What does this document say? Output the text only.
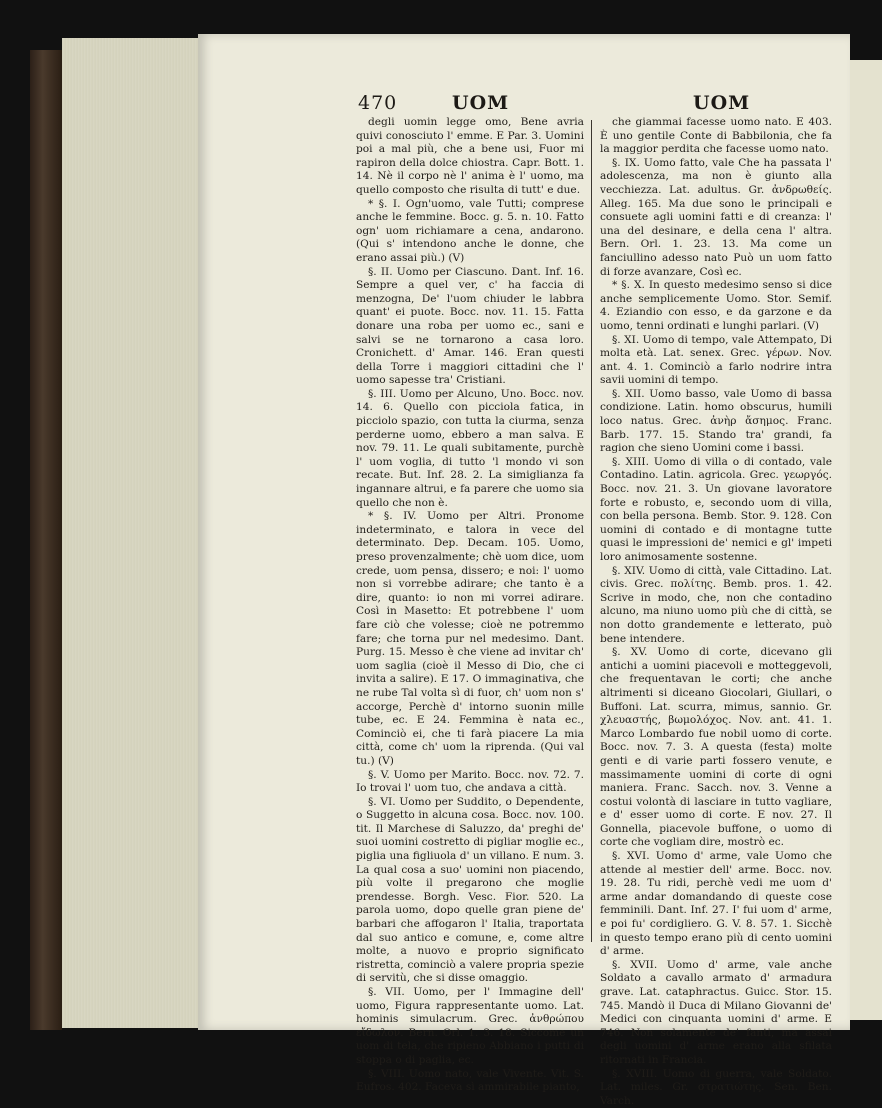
470	UOM	UOM

degli uomin legge omo, Bene avria quivi conosciuto l' emme. E Par. 3. Uomini poi a mal più, che a bene usi, Fuor mi rapiron della dolce chiostra. Capr. Bott. 1. 14. Nè il corpo nè l' anima è l' uomo, ma quello composto che risulta di tutt' e due.

* §. I. Ogn'uomo, vale Tutti; comprese anche le femmine. Bocc. g. 5. n. 10. Fatto ogn' uom richiamare a cena, andarono. (Qui s' intendono anche le donne, che erano assai più.) (V)

§. II. Uomo per Ciascuno. Dant. Inf. 16. Sempre a quel ver, c' ha faccia di menzogna, De' l'uom chiuder le labbra quant' ei puote. Bocc. nov. 11. 15. Fatta donare una roba per uomo ec., sani e salvi se ne tornarono a casa loro. Cronichett. d' Amar. 146. Eran questi della Torre i maggiori cittadini che l' uomo sapesse tra' Cristiani.

§. III. Uomo per Alcuno, Uno. Bocc. nov. 14. 6. Quello con picciola fatica, in picciolo spazio, con tutta la ciurma, senza perderne uomo, ebbero a man salva. E nov. 79. 11. Le quali subitamente, purchè l' uom voglia, di tutto 'l mondo vi son recate. But. Inf. 28. 2. La simiglianza fa ingannare altrui, e fa parere che uomo sia quello che non è.

* §. IV. Uomo per Altri. Pronome indeterminato, e talora in vece del determinato. Dep. Decam. 105. Uomo, preso provenzalmente; chè uom dice, uom crede, uom pensa, dissero; e noi: l' uomo non si vorrebbe adirare; che tanto è a dire, quanto: io non mi vorrei adirare. Così in Masetto: Et potrebbene l' uom fare ciò che volesse; cioè ne potremmo fare; che torna pur nel medesimo. Dant. Purg. 15. Messo è che viene ad invitar ch' uom saglia (cioè il Messo di Dio, che ci invita a salire). E 17. O immaginativa, che ne rube Tal volta sì di fuor, ch' uom non s' accorge, Perchè d' intorno suonin mille tube, ec. E 24. Femmina è nata ec., Cominciò ei, che ti farà piacere La mia città, come ch' uom la riprenda. (Qui val tu.) (V)

§. V. Uomo per Marito. Bocc. nov. 72. 7. Io trovai l' uom tuo, che andava a città.

§. VI. Uomo per Suddito, o Dependente, o Suggetto in alcuna cosa. Bocc. nov. 100. tit. Il Marchese di Saluzzo, da' preghi de' suoi uomini costretto di pigliar moglie ec., piglia una figliuola d' un villano. E num. 3. La qual cosa a suo' uomini non piacendo, più volte il pregarono che moglie prendesse. Borgh. Vesc. Fior. 520. La parola uomo, dopo quelle gran piene de' barbari che affogaron l' Italia, traportata dal suo antico e comune, e, come altre molte, a nuovo e proprio significato ristretta, cominciò a valere propria spezie di servitù, che si disse omaggio.

§. VII. Uomo, per l' Immagine dell' uomo, Figura rappresentante uomo. Lat. hominis simulacrum. Grec. ἀνθρώπου εἴδωλον. Bern. Orl. 1. 3. 18. Siccome un uom di tela, che ripieno Abbiano i putti di stoppa o di paglia, ec.

§. VIII. Uomo nato, vale Vivente. Vit. S. Eufros. 402. Faceva sì ammirabile pianto,

che giammai facesse uomo nato. E 403. È uno gentile Conte di Babbilonia, che fa la maggior perdita che facesse uomo nato.

§. IX. Uomo fatto, vale Che ha passata l' adolescenza, ma non è giunto alla vecchiezza. Lat. adultus. Gr. ἀνδρωθείς. Alleg. 165. Ma due sono le principali e consuete agli uomini fatti e di creanza: l' una del desinare, e della cena l' altra. Bern. Orl. 1. 23. 13. Ma come un fanciullino adesso nato Può un uom fatto di forze avanzare, Così ec.

* §. X. In questo medesimo senso si dice anche semplicemente Uomo. Stor. Semif. 4. Eziandio con esso, e da garzone e da uomo, tenni ordinati e lunghi parlari. (V)

§. XI. Uomo di tempo, vale Attempato, Di molta età. Lat. senex. Grec. γέρων. Nov. ant. 4. 1. Cominciò a farlo nodrire intra savii uomini di tempo.

§. XII. Uomo basso, vale Uomo di bassa condizione. Latin. homo obscurus, humili loco natus. Grec. ἀνὴρ ἄσημος. Franc. Barb. 177. 15. Stando tra' grandi, fa ragion che sieno Uomini come i bassi.

§. XIII. Uomo di villa o di contado, vale Contadino. Latin. agricola. Grec. γεωργός. Bocc. nov. 21. 3. Un giovane lavoratore forte e robusto, e, secondo uom di villa, con bella persona. Bemb. Stor. 9. 128. Con uomini di contado e di montagne tutte quasi le impressioni de' nemici e gl' impeti loro animosamente sostenne.

§. XIV. Uomo di città, vale Cittadino. Lat. civis. Grec. πολίτης. Bemb. pros. 1. 42. Scrive in modo, che, non che contadino alcuno, ma niuno uomo più che di città, se non dotto grandemente e letterato, può bene intendere.

§. XV. Uomo di corte, dicevano gli antichi a uomini piacevoli e motteggevoli, che frequentavan le corti; che anche altrimenti si diceano Giocolari, Giullari, o Buffoni. Lat. scurra, mimus, sannio. Gr. χλευαστής, βωμολόχος. Nov. ant. 41. 1. Marco Lombardo fue nobil uomo di corte. Bocc. nov. 7. 3. A questa (festa) molte genti e di varie parti fossero venute, e massimamente uomini di corte di ogni maniera. Franc. Sacch. nov. 3. Venne a costui volontà di lasciare in tutto vagliare, e d' esser uomo di corte. E nov. 27. Il Gonnella, piacevole buffone, o uomo di corte che vogliam dire, mostrò ec.

§. XVI. Uomo d' arme, vale Uomo che attende al mestier dell' arme. Bocc. nov. 19. 28. Tu ridi, perchè vedi me uom d' arme andar domandando di queste cose femminili. Dant. Inf. 27. I' fui uom d' arme, e poi fu' cordigliero. G. V. 8. 57. 1. Sicchè in questo tempo erano più di cento uomini d' arme.

§. XVII. Uomo d' arme, vale anche Soldato a cavallo armato d' armadura grave. Lat. cataphractus. Guicc. Stor. 15. 745. Mandò il Duca di Milano Giovanni de' Medici con cinquanta uomini d' arme. E 746. Non solamente de' fanti, ma assai degli uomini d' arme erano alla sfilata ritornati in Francia.

§. XVIII. Uomo di guerra, vale Soldato. Lat. miles. Gr. στρατιώτης. Sen. Ben. Varch.
